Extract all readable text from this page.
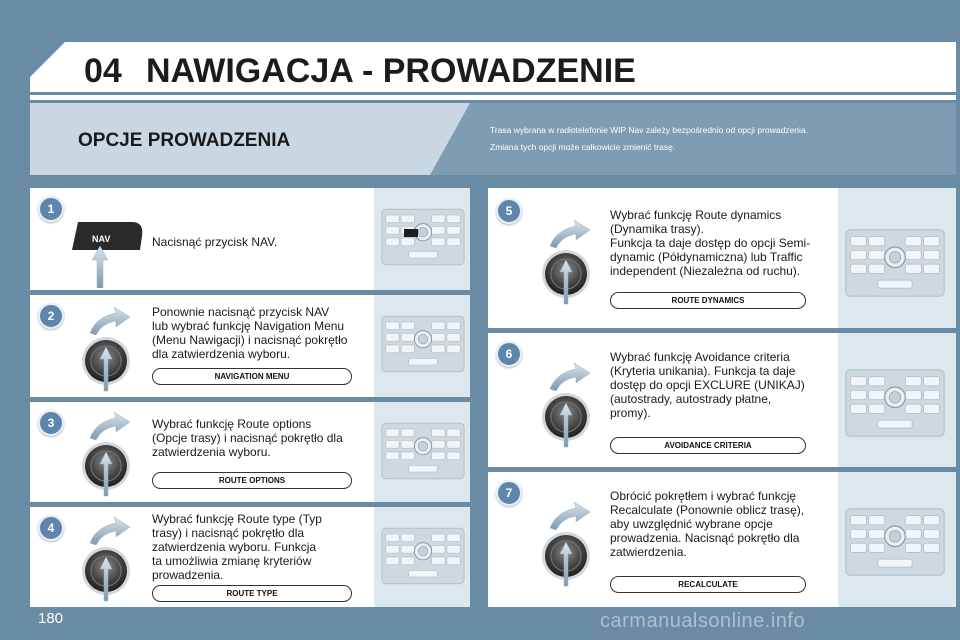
04 NAWIGACJA - PROWADZENIE
OPCJE PROWADZENIA	Trasa wybrana w radiotelefonie WIP Nav zależy bezpośrednio od opcji prowadzenia.
Zmiana tych opcji może całkowicie zmienić trasę.
NAV	Nacisnąć przycisk NAV.
1
Ponownie nacisnąć przycisk NAV
lub wybrać funkcję Navigation Menu
(Menu Nawigacji) i nacisnąć pokrętło
dla zatwierdzenia wyboru.
NAVIGATION MENU
2
Wybrać funkcję Route options
(Opcje trasy) i nacisnąć pokrętło dla
zatwierdzenia wyboru.
ROUTE OPTIONS
3
Wybrać funkcję Route type (Typ
trasy) i nacisnąć pokrętło dla
zatwierdzenia wyboru. Funkcja
ta umożliwia zmianę kryteriów
prowadzenia.
ROUTE TYPE
4
Wybrać funkcję Route dynamics
(Dynamika trasy).
Funkcja ta daje dostęp do opcji Semi-
dynamic (Półdynamiczna) lub Traffic
independent (Niezależna od ruchu).
ROUTE DYNAMICS
5
Wybrać funkcję Avoidance criteria
(Kryteria unikania). Funkcja ta daje
dostęp do opcji EXCLURE (UNIKAJ)
(autostrady, autostrady płatne,
promy).
AVOIDANCE CRITERIA
6
Obrócić pokrętłem i wybrać funkcję
Recalculate (Ponownie oblicz trasę),
aby uwzględnić wybrane opcje
prowadzenia. Nacisnąć pokrętło dla
zatwierdzenia.
RECALCULATE
7
180	carmanualsonline.info
